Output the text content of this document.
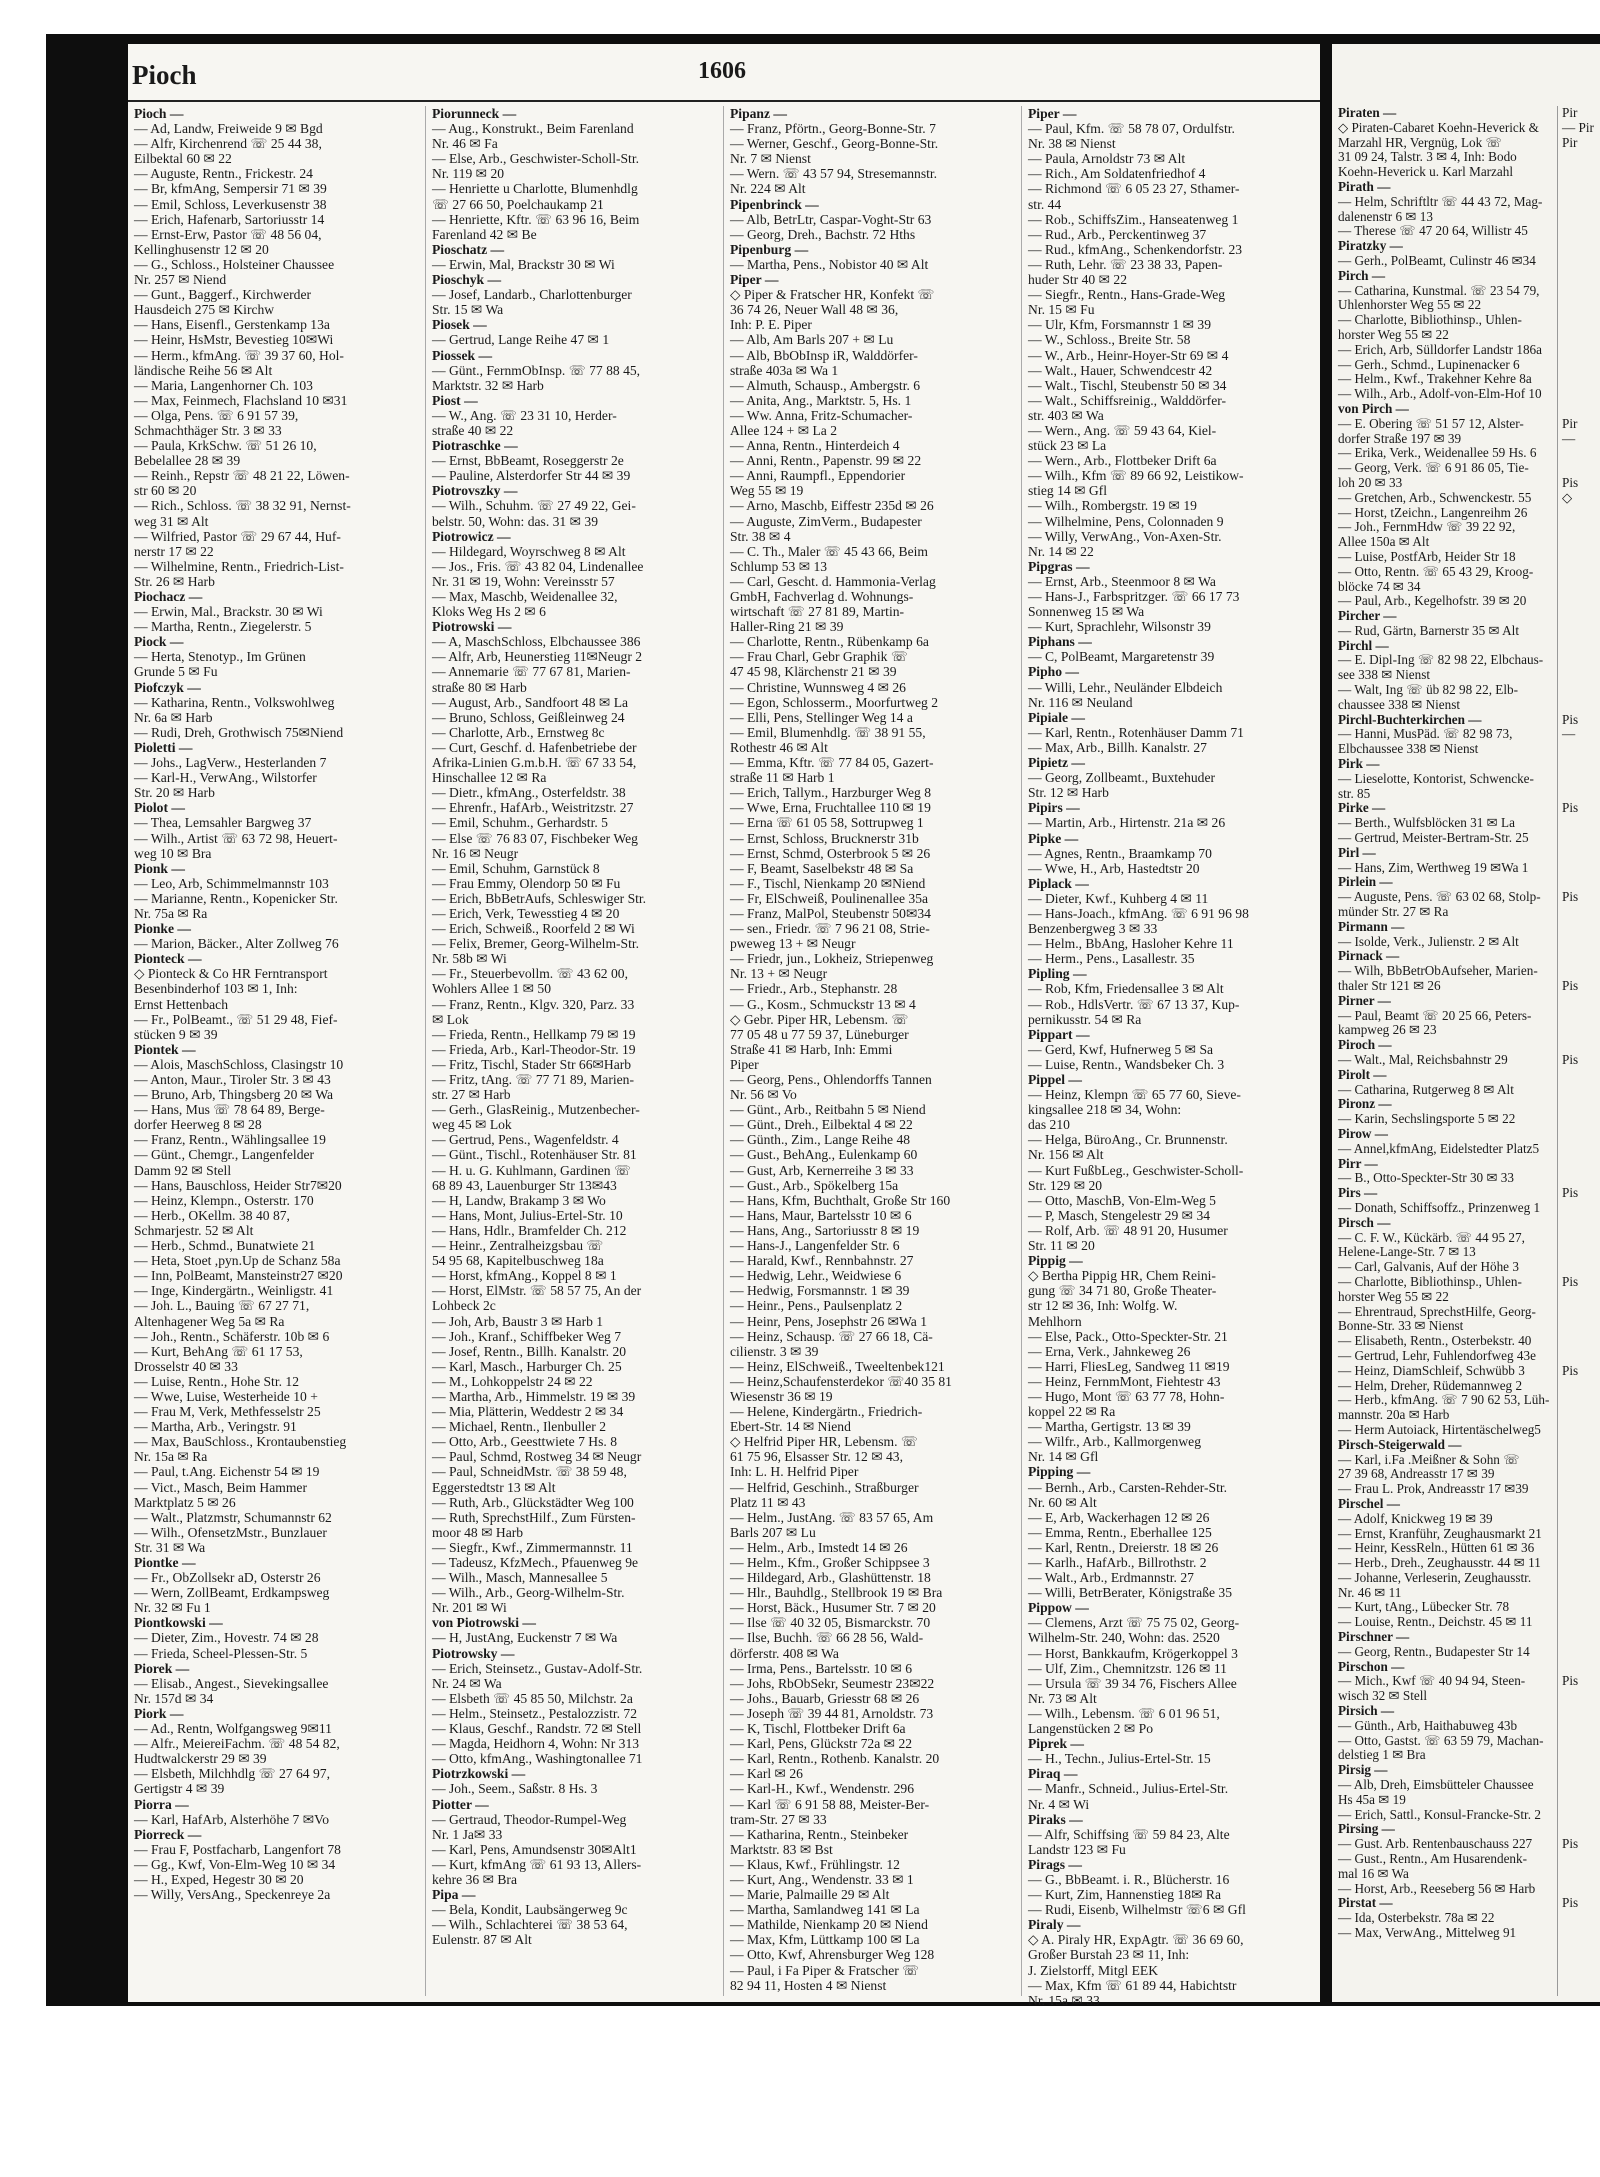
Pioch	1606
Pioch —
— Ad, Landw, Freiweide 9 ✉ Bgd
— Alfr, Kirchenrend ☏ 25 44 38,
Eilbektal 60 ✉ 22
— Auguste, Rentn., Frickestr. 24
— Br, kfmAng, Sempersir 71 ✉ 39
— Emil, Schloss, Leverkusenstr 38
— Erich, Hafenarb, Sartoriusstr 14
— Ernst-Erw, Pastor ☏ 48 56 04,
Kellinghusenstr 12 ✉ 20
— G., Schloss., Holsteiner Chaussee
Nr. 257 ✉ Niend
— Gunt., Baggerf., Kirchwerder
Hausdeich 275 ✉ Kirchw
— Hans, Eisenfl., Gerstenkamp 13a
— Heinr, HsMstr, Bevestieg 10✉Wi
— Herm., kfmAng. ☏ 39 37 60, Hol-
ländische Reihe 56 ✉ Alt
— Maria, Langenhorner Ch. 103
— Max, Feinmech, Flachsland 10 ✉31
— Olga, Pens. ☏ 6 91 57 39,
Schmachthäger Str. 3 ✉ 33
— Paula, KrkSchw. ☏ 51 26 10,
Bebelallee 28 ✉ 39
— Reinh., Repstr ☏ 48 21 22, Löwen-
str 60 ✉ 20
— Rich., Schloss. ☏ 38 32 91, Nernst-
weg 31 ✉ Alt
— Wilfried, Pastor ☏ 29 67 44, Huf-
nerstr 17 ✉ 22
— Wilhelmine, Rentn., Friedrich-List-
Str. 26 ✉ Harb
Piochacz —
— Erwin, Mal., Brackstr. 30 ✉ Wi
— Martha, Rentn., Ziegelerstr. 5
Piock —
— Herta, Stenotyp., Im Grünen
Grunde 5 ✉ Fu
Piofczyk —
— Katharina, Rentn., Volkswohlweg
Nr. 6a ✉ Harb
— Rudi, Dreh, Grothwisch 75✉Niend
Pioletti —
— Johs., LagVerw., Hesterlanden 7
— Karl-H., VerwAng., Wilstorfer
Str. 20 ✉ Harb
Piolot —
— Thea, Lemsahler Bargweg 37
— Wilh., Artist ☏ 63 72 98, Heuert-
weg 10 ✉ Bra
Pionk —
— Leo, Arb, Schimmelmannstr 103
— Marianne, Rentn., Kopenicker Str.
Nr. 75a ✉ Ra
Pionke —
— Marion, Bäcker., Alter Zollweg 76
Pionteck —
◇ Pionteck & Co HR Ferntransport
Besenbinderhof 103 ✉ 1, Inh:
Ernst Hettenbach
— Fr., PolBeamt., ☏ 51 29 48, Fief-
stücken 9 ✉ 39
Piontek —
— Alois, MaschSchloss, Clasingstr 10
— Anton, Maur., Tiroler Str. 3 ✉ 43
— Bruno, Arb, Thingsberg 20 ✉ Wa
— Hans, Mus ☏ 78 64 89, Berge-
dorfer Heerweg 8 ✉ 28
— Franz, Rentn., Wählingsallee 19
— Günt., Chemgr., Langenfelder
Damm 92 ✉ Stell
— Hans, Bauschloss, Heider Str7✉20
— Heinz, Klempn., Osterstr. 170
— Herb., OKellm. 38 40 87,
Schmarjestr. 52 ✉ Alt
— Herb., Schmd., Bunatwiete 21
— Heta, Stoet ,pyn.Up de Schanz 58a
— Inn, PolBeamt, Mansteinstr27 ✉20
— Inge, Kindergärtn., Weinligstr. 41
— Joh. L., Bauing ☏ 67 27 71,
Altenhagener Weg 5a ✉ Ra
— Joh., Rentn., Schäferstr. 10b ✉ 6
— Kurt, BehAng ☏ 61 17 53,
Drosselstr 40 ✉ 33
— Luise, Rentn., Hohe Str. 12
— Wwe, Luise, Westerheide 10 +
— Frau M, Verk, Methfesselstr 25
— Martha, Arb., Veringstr. 91
— Max, BauSchloss., Krontaubenstieg
Nr. 15a ✉ Ra
— Paul, t.Ang. Eichenstr 54 ✉ 19
— Vict., Masch, Beim Hammer
Marktplatz 5 ✉ 26
— Walt., Platzmstr, Schumannstr 62
— Wilh., OfensetzMstr., Bunzlauer
Str. 31 ✉ Wa
Piontke —
— Fr., ObZollsekr aD, Osterstr 26
— Wern, ZollBeamt, Erdkampsweg
Nr. 32 ✉ Fu 1
Piontkowski —
— Dieter, Zim., Hovestr. 74 ✉ 28
— Frieda, Scheel-Plessen-Str. 5
Piorek —
— Elisab., Angest., Sievekingsallee
Nr. 157d ✉ 34
Piork —
— Ad., Rentn, Wolfgangsweg 9✉11
— Alfr., MeiereiFachm. ☏ 48 54 82,
Hudtwalckerstr 29 ✉ 39
— Elsbeth, Milchhdlg ☏ 27 64 97,
Gertigstr 4 ✉ 39
Piorra —
— Karl, HafArb, Alsterhöhe 7 ✉Vo
Piorreck —
— Frau F, Postfacharb, Langenfort 78
— Gg., Kwf, Von-Elm-Weg 10 ✉ 34
— H., Exped, Hegestr 30 ✉ 20
— Willy, VersAng., Speckenreye 2a
Piorunneck —
— Aug., Konstrukt., Beim Farenland
Nr. 46 ✉ Fa
— Else, Arb., Geschwister-Scholl-Str.
Nr. 119 ✉ 20
— Henriette u Charlotte, Blumenhdlg
☏ 27 66 50, Poelchaukamp 21
— Henriette, Kftr. ☏ 63 96 16, Beim
Farenland 42 ✉ Be
Pioschatz —
— Erwin, Mal, Brackstr 30 ✉ Wi
Pioschyk —
— Josef, Landarb., Charlottenburger
Str. 15 ✉ Wa
Piosek —
— Gertrud, Lange Reihe 47 ✉ 1
Piossek —
— Günt., FernmObInsp. ☏ 77 88 45,
Marktstr. 32 ✉ Harb
Piost —
— W., Ang. ☏ 23 31 10, Herder-
straße 40 ✉ 22
Piotraschke —
— Ernst, BbBeamt, Roseggerstr 2e
— Pauline, Alsterdorfer Str 44 ✉ 39
Piotrovszky —
— Wilh., Schuhm. ☏ 27 49 22, Gei-
belstr. 50, Wohn: das. 31 ✉ 39
Piotrowicz —
— Hildegard, Woyrschweg 8 ✉ Alt
— Jos., Fris. ☏ 43 82 04, Lindenallee
Nr. 31 ✉ 19, Wohn: Vereinsstr 57
— Max, Maschb, Weidenallee 32,
Kloks Weg Hs 2 ✉ 6
Piotrowski —
— A, MaschSchloss, Elbchaussee 386
— Alfr, Arb, Heunerstieg 11✉Neugr 2
— Annemarie ☏ 77 67 81, Marien-
straße 80 ✉ Harb
— August, Arb., Sandfoort 48 ✉ La
— Bruno, Schloss, Geißleinweg 24
— Charlotte, Arb., Ernstweg 8c
— Curt, Geschf. d. Hafenbetriebe der
Afrika-Linien G.m.b.H. ☏ 67 33 54,
Hinschallee 12 ✉ Ra
— Dietr., kfmAng., Osterfeldstr. 38
— Ehrenfr., HafArb., Weistritzstr. 27
— Emil, Schuhm., Gerhardstr. 5
— Else ☏ 76 83 07, Fischbeker Weg
Nr. 16 ✉ Neugr
— Emil, Schuhm, Garnstück 8
— Frau Emmy, Olendorp 50 ✉ Fu
— Erich, BbBetrAufs, Schleswiger Str.
— Erich, Verk, Tewesstieg 4 ✉ 20
— Erich, Schweiß., Roorfeld 2 ✉ Wi
— Felix, Bremer, Georg-Wilhelm-Str.
Nr. 58b ✉ Wi
— Fr., Steuerbevollm. ☏ 43 62 00,
Wohlers Allee 1 ✉ 50
— Franz, Rentn., Klgv. 320, Parz. 33
✉ Lok
— Frieda, Rentn., Hellkamp 79 ✉ 19
— Frieda, Arb., Karl-Theodor-Str. 19
— Fritz, Tischl, Stader Str 66✉Harb
— Fritz, tAng. ☏ 77 71 89, Marien-
str. 27 ✉ Harb
— Gerh., GlasReinig., Mutzenbecher-
weg 45 ✉ Lok
— Gertrud, Pens., Wagenfeldstr. 4
— Günt., Tischl., Rotenhäuser Str. 81
— H. u. G. Kuhlmann, Gardinen ☏
68 89 43, Lauenburger Str 13✉43
— H, Landw, Brakamp 3 ✉ Wo
— Hans, Mont, Julius-Ertel-Str. 10
— Hans, Hdlr., Bramfelder Ch. 212
— Heinr., Zentralheizgsbau ☏
54 95 68, Kapitelbuschweg 18a
— Horst, kfmAng., Koppel 8 ✉ 1
— Horst, ElMstr. ☏ 58 57 75, An der
Lohbeck 2c
— Joh, Arb, Baustr 3 ✉ Harb 1
— Joh., Kranf., Schiffbeker Weg 7
— Josef, Rentn., Billh. Kanalstr. 20
— Karl, Masch., Harburger Ch. 25
— M., Lohkoppelstr 24 ✉ 22
— Martha, Arb., Himmelstr. 19 ✉ 39
— Mia, Plätterin, Weddestr 2 ✉ 34
— Michael, Rentn., Ilenbuller 2
— Otto, Arb., Geesttwiete 7 Hs. 8
— Paul, Schmd, Rostweg 34 ✉ Neugr
— Paul, SchneidMstr. ☏ 38 59 48,
Eggerstedtstr 13 ✉ Alt
— Ruth, Arb., Glückstädter Weg 100
— Ruth, SprechstHilf., Zum Fürsten-
moor 48 ✉ Harb
— Siegfr., Kwf., Zimmermannstr. 11
— Tadeusz, KfzMech., Pfauenweg 9e
— Wilh., Masch, Mannesallee 5
— Wilh., Arb., Georg-Wilhelm-Str.
Nr. 201 ✉ Wi
von Piotrowski —
— H, JustAng, Euckenstr 7 ✉ Wa
Piotrowsky —
— Erich, Steinsetz., Gustav-Adolf-Str.
Nr. 24 ✉ Wa
— Elsbeth ☏ 45 85 50, Milchstr. 2a
— Helm., Steinsetz., Pestalozzistr. 72
— Klaus, Geschf., Randstr. 72 ✉ Stell
— Magda, Heidhorn 4, Wohn: Nr 313
— Otto, kfmAng., Washingtonallee 71
Piotrzkowski —
— Joh., Seem., Saßstr. 8 Hs. 3
Piotter —
— Gertraud, Theodor-Rumpel-Weg
Nr. 1 Ja✉ 33
— Karl, Pens, Amundsenstr 30✉Alt1
— Kurt, kfmAng ☏ 61 93 13, Allers-
kehre 36 ✉ Bra
Pipa —
— Bela, Kondit, Laubsängerweg 9c
— Wilh., Schlachterei ☏ 38 53 64,
Eulenstr. 87 ✉ Alt
Pipanz —
— Franz, Pförtn., Georg-Bonne-Str. 7
— Werner, Geschf., Georg-Bonne-Str.
Nr. 7 ✉ Nienst
— Wern. ☏ 43 57 94, Stresemannstr.
Nr. 224 ✉ Alt
Pipenbrinck —
— Alb, BetrLtr, Caspar-Voght-Str 63
— Georg, Dreh., Bachstr. 72 Hths
Pipenburg —
— Martha, Pens., Nobistor 40 ✉ Alt
Piper —
◇ Piper & Fratscher HR, Konfekt ☏
36 74 26, Neuer Wall 48 ✉ 36,
Inh: P. E. Piper
— Alb, Am Barls 207 + ✉ Lu
— Alb, BbObInsp iR, Walddörfer-
straße 403a ✉ Wa 1
— Almuth, Schausp., Ambergstr. 6
— Anita, Ang., Marktstr. 5, Hs. 1
— Ww. Anna, Fritz-Schumacher-
Allee 124 + ✉ La 2
— Anna, Rentn., Hinterdeich 4
— Anni, Rentn., Papenstr. 99 ✉ 22
— Anni, Raumpfl., Eppendorier
Weg 55 ✉ 19
— Arno, Maschb, Eiffestr 235d ✉ 26
— Auguste, ZimVerm., Budapester
Str. 38 ✉ 4
— C. Th., Maler ☏ 45 43 66, Beim
Schlump 53 ✉ 13
— Carl, Gescht. d. Hammonia-Verlag
GmbH, Fachverlag d. Wohnungs-
wirtschaft ☏ 27 81 89, Martin-
Haller-Ring 21 ✉ 39
— Charlotte, Rentn., Rübenkamp 6a
— Frau Charl, Gebr Graphik ☏
47 45 98, Klärchenstr 21 ✉ 39
— Christine, Wunnsweg 4 ✉ 26
— Egon, Schlosserm., Moorfurtweg 2
— Elli, Pens, Stellinger Weg 14 a
— Emil, Blumenhdlg. ☏ 38 91 55,
Rothestr 46 ✉ Alt
— Emma, Kftr. ☏ 77 84 05, Gazert-
straße 11 ✉ Harb 1
— Erich, Tallym., Harzburger Weg 8
— Wwe, Erna, Fruchtallee 110 ✉ 19
— Erna ☏ 61 05 58, Sottrupweg 1
— Ernst, Schloss, Brucknerstr 31b
— Ernst, Schmd, Osterbrook 5 ✉ 26
— F, Beamt, Saselbekstr 48 ✉ Sa
— F., Tischl, Nienkamp 20 ✉Niend
— Fr, ElSchweiß, Poulinenallee 35a
— Franz, MalPol, Steubenstr 50✉34
— sen., Friedr. ☏ 7 96 21 08, Strie-
pweweg 13 + ✉ Neugr
— Friedr, jun., Lokheiz, Striepenweg
Nr. 13 + ✉ Neugr
— Friedr., Arb., Stephanstr. 28
— G., Kosm., Schmuckstr 13 ✉ 4
◇ Gebr. Piper HR, Lebensm. ☏
77 05 48 u 77 59 37, Lüneburger
Straße 41 ✉ Harb, Inh: Emmi
Piper
— Georg, Pens., Ohlendorffs Tannen
Nr. 56 ✉ Vo
— Günt., Arb., Reitbahn 5 ✉ Niend
— Günt., Dreh., Eilbektal 4 ✉ 22
— Günth., Zim., Lange Reihe 48
— Gust., BehAng., Eulenkamp 60
— Gust, Arb, Kernerreihe 3 ✉ 33
— Gust., Arb., Spökelberg 15a
— Hans, Kfm, Buchthalt, Große Str 160
— Hans, Maur, Bartelsstr 10 ✉ 6
— Hans, Ang., Sartoriusstr 8 ✉ 19
— Hans-J., Langenfelder Str. 6
— Harald, Kwf., Rennbahnstr. 27
— Hedwig, Lehr., Weidwiese 6
— Hedwig, Forsmannstr. 1 ✉ 39
— Heinr., Pens., Paulsenplatz 2
— Heinr, Pens, Josephstr 26 ✉Wa 1
— Heinz, Schausp. ☏ 27 66 18, Cä-
cilienstr. 3 ✉ 39
— Heinz, ElSchweiß., Tweeltenbek121
— Heinz,Schaufensterdekor ☏40 35 81
Wiesenstr 36 ✉ 19
— Helene, Kindergärtn., Friedrich-
Ebert-Str. 14 ✉ Niend
◇ Helfrid Piper HR, Lebensm. ☏
61 75 96, Elsasser Str. 12 ✉ 43,
Inh: L. H. Helfrid Piper
— Helfrid, Geschinh., Straßburger
Platz 11 ✉ 43
— Helm., JustAng. ☏ 83 57 65, Am
Barls 207 ✉ Lu
— Helm., Arb., Imstedt 14 ✉ 26
— Helm., Kfm., Großer Schippsee 3
— Hildegard, Arb., Glashüttenstr. 18
— Hlr., Bauhdlg., Stellbrook 19 ✉ Bra
— Horst, Bäck., Husumer Str. 7 ✉ 20
— Ilse ☏ 40 32 05, Bismarckstr. 70
— Ilse, Buchh. ☏ 66 28 56, Wald-
dörferstr. 408 ✉ Wa
— Irma, Pens., Bartelsstr. 10 ✉ 6
— Johs, RbObSekr, Seumestr 23✉22
— Johs., Bauarb, Griesstr 68 ✉ 26
— Joseph ☏ 39 44 81, Arnoldstr. 73
— K, Tischl, Flottbeker Drift 6a
— Karl, Pens, Glückstr 72a ✉ 22
— Karl, Rentn., Rothenb. Kanalstr. 20
— Karl ✉ 26
— Karl-H., Kwf., Wendenstr. 296
— Karl ☏ 6 91 58 88, Meister-Ber-
tram-Str. 27 ✉ 33
— Katharina, Rentn., Steinbeker
Marktstr. 83 ✉ Bst
— Klaus, Kwf., Frühlingstr. 12
— Kurt, Ang., Wendenstr. 33 ✉ 1
— Marie, Palmaille 29 ✉ Alt
— Martha, Samlandweg 141 ✉ La
— Mathilde, Nienkamp 20 ✉ Niend
— Max, Kfm, Lüttkamp 100 ✉ La
— Otto, Kwf, Ahrensburger Weg 128
— Paul, i Fa Piper & Fratscher ☏
82 94 11, Hosten 4 ✉ Nienst
Piper —
— Paul, Kfm. ☏ 58 78 07, Ordulfstr.
Nr. 38 ✉ Nienst
— Paula, Arnoldstr 73 ✉ Alt
— Rich., Am Soldatenfriedhof 4
— Richmond ☏ 6 05 23 27, Sthamer-
str. 44
— Rob., SchiffsZim., Hanseatenweg 1
— Rud., Arb., Perckentinweg 37
— Rud., kfmAng., Schenkendorfstr. 23
— Ruth, Lehr. ☏ 23 38 33, Papen-
huder Str 40 ✉ 22
— Siegfr., Rentn., Hans-Grade-Weg
Nr. 15 ✉ Fu
— Ulr, Kfm, Forsmannstr 1 ✉ 39
— W., Schloss., Breite Str. 58
— W., Arb., Heinr-Hoyer-Str 69 ✉ 4
— Walt., Hauer, Schwendcestr 42
— Walt., Tischl, Steubenstr 50 ✉ 34
— Walt., Schiffsreinig., Walddörfer-
str. 403 ✉ Wa
— Wern., Ang. ☏ 59 43 64, Kiel-
stück 23 ✉ La
— Wern., Arb., Flottbeker Drift 6a
— Wilh., Kfm ☏ 89 66 92, Leistikow-
stieg 14 ✉ Gfl
— Wilh., Rombergstr. 19 ✉ 19
— Wilhelmine, Pens, Colonnaden 9
— Willy, VerwAng., Von-Axen-Str.
Nr. 14 ✉ 22
Pipgras —
— Ernst, Arb., Steenmoor 8 ✉ Wa
— Hans-J., Farbspritzger. ☏ 66 17 73
Sonnenweg 15 ✉ Wa
— Kurt, Sprachlehr, Wilsonstr 39
Piphans —
— C, PolBeamt, Margaretenstr 39
Pipho —
— Willi, Lehr., Neuländer Elbdeich
Nr. 116 ✉ Neuland
Pipiale —
— Karl, Rentn., Rotenhäuser Damm 71
— Max, Arb., Billh. Kanalstr. 27
Pipietz —
— Georg, Zollbeamt., Buxtehuder
Str. 12 ✉ Harb
Pipirs —
— Martin, Arb., Hirtenstr. 21a ✉ 26
Pipke —
— Agnes, Rentn., Braamkamp 70
— Wwe, H., Arb, Hastedtstr 20
Piplack —
— Dieter, Kwf., Kuhberg 4 ✉ 11
— Hans-Joach., kfmAng. ☏ 6 91 96 98
Benzenbergweg 3 ✉ 33
— Helm., BbAng, Hasloher Kehre 11
— Herm., Pens., Lasallestr. 35
Pipling —
— Rob, Kfm, Friedensallee 3 ✉ Alt
— Rob., HdlsVertr. ☏ 67 13 37, Kup-
pernikusstr. 54 ✉ Ra
Pippart —
— Gerd, Kwf, Hufnerweg 5 ✉ Sa
— Luise, Rentn., Wandsbeker Ch. 3
Pippel —
— Heinz, Klempn ☏ 65 77 60, Sieve-
kingsallee 218 ✉ 34, Wohn:
das 210
— Helga, BüroAng., Cr. Brunnenstr.
Nr. 156 ✉ Alt
— Kurt FußbLeg., Geschwister-Scholl-
Str. 129 ✉ 20
— Otto, MaschB, Von-Elm-Weg 5
— P, Masch, Stengelestr 29 ✉ 34
— Rolf, Arb. ☏ 48 91 20, Husumer
Str. 11 ✉ 20
Pippig —
◇ Bertha Pippig HR, Chem Reini-
gung ☏ 34 71 80, Große Theater-
str 12 ✉ 36, Inh: Wolfg. W.
Mehlhorn
— Else, Pack., Otto-Speckter-Str. 21
— Erna, Verk., Jahnkeweg 26
— Harri, FliesLeg, Sandweg 11 ✉19
— Heinz, FernmMont, Fiehtestr 43
— Hugo, Mont ☏ 63 77 78, Hohn-
koppel 22 ✉ Ra
— Martha, Gertigstr. 13 ✉ 39
— Wilfr., Arb., Kallmorgenweg
Nr. 14 ✉ Gfl
Pipping —
— Bernh., Arb., Carsten-Rehder-Str.
Nr. 60 ✉ Alt
— E, Arb, Wackerhagen 12 ✉ 26
— Emma, Rentn., Eberhallee 125
— Karl, Rentn., Dreierstr. 18 ✉ 26
— Karlh., HafArb., Billrothstr. 2
— Walt., Arb., Erdmannstr. 27
— Willi, BetrBerater, Königstraße 35
Pippow —
— Clemens, Arzt ☏ 75 75 02, Georg-
Wilhelm-Str. 240, Wohn: das. 2520
— Horst, Bankkaufm, Krögerkoppel 3
— Ulf, Zim., Chemnitzstr. 126 ✉ 11
— Ursula ☏ 39 34 76, Fischers Allee
Nr. 73 ✉ Alt
— Wilh., Lebensm. ☏ 6 01 96 51,
Langenstücken 2 ✉ Po
Piprek —
— H., Techn., Julius-Ertel-Str. 15
Piraq —
— Manfr., Schneid., Julius-Ertel-Str.
Nr. 4 ✉ Wi
Piraks —
— Alfr, Schiffsing ☏ 59 84 23, Alte
Landstr 123 ✉ Fu
Pirags —
— G., BbBeamt. i. R., Blücherstr. 16
— Kurt, Zim, Hannenstieg 18✉ Ra
— Rudi, Eisenb, Wilhelmstr ☏6 ✉ Gfl
Piraly —
◇ A. Piraly HR, ExpAgtr. ☏ 36 69 60,
Großer Burstah 23 ✉ 11, Inh:
J. Zielstorff, Mitgl EEK
— Max, Kfm ☏ 61 89 44, Habichtstr
Nr. 15a ✉ 33
Piraten —
◇ Piraten-Cabaret Koehn-Heverick &
Marzahl HR, Vergnüg, Lok ☏
31 09 24, Talstr. 3 ✉ 4, Inh: Bodo
Koehn-Heverick u. Karl Marzahl
Pirath —
— Helm, Schriftltr ☏ 44 43 72, Mag-
dalenenstr 6 ✉ 13
— Therese ☏ 47 20 64, Willistr 45
Piratzky —
— Gerh., PolBeamt, Culinstr 46 ✉34
Pirch —
— Catharina, Kunstmal. ☏ 23 54 79,
Uhlenhorster Weg 55 ✉ 22
— Charlotte, Bibliothinsp., Uhlen-
horster Weg 55 ✉ 22
— Erich, Arb, Sülldorfer Landstr 186a
— Gerh., Schmd., Lupinenacker 6
— Helm., Kwf., Trakehner Kehre 8a
— Wilh., Arb., Adolf-von-Elm-Hof 10
von Pirch —
— E. Obering ☏ 51 57 12, Alster-
dorfer Straße 197 ✉ 39
— Erika, Verk., Weidenallee 59 Hs. 6
— Georg, Verk. ☏ 6 91 86 05, Tie-
loh 20 ✉ 33
— Gretchen, Arb., Schwenckestr. 55
— Horst, tZeichn., Langenreihm 26
— Joh., FernmHdw ☏ 39 22 92,
Allee 150a ✉ Alt
— Luise, PostfArb, Heider Str 18
— Otto, Rentn. ☏ 65 43 29, Kroog-
blöcke 74 ✉ 34
— Paul, Arb., Kegelhofstr. 39 ✉ 20
Pircher —
— Rud, Gärtn, Barnerstr 35 ✉ Alt
Pirchl —
— E. Dipl-Ing ☏ 82 98 22, Elbchaus-
see 338 ✉ Nienst
— Walt, Ing ☏ üb 82 98 22, Elb-
chaussee 338 ✉ Nienst
Pirchl-Buchterkirchen —
— Hanni, MusPäd. ☏ 82 98 73,
Elbchaussee 338 ✉ Nienst
Pirk —
— Lieselotte, Kontorist, Schwencke-
str. 85
Pirke —
— Berth., Wulfsblöcken 31 ✉ La
— Gertrud, Meister-Bertram-Str. 25
Pirl —
— Hans, Zim, Werthweg 19 ✉Wa 1
Pirlein —
— Auguste, Pens. ☏ 63 02 68, Stolp-
münder Str. 27 ✉ Ra
Pirmann —
— Isolde, Verk., Julienstr. 2 ✉ Alt
Pirnack —
— Wilh, BbBetrObAufseher, Marien-
thaler Str 121 ✉ 26
Pirner —
— Paul, Beamt ☏ 20 25 66, Peters-
kampweg 26 ✉ 23
Piroch —
— Walt., Mal, Reichsbahnstr 29
Pirolt —
— Catharina, Rutgerweg 8 ✉ Alt
Pironz —
— Karin, Sechslingsporte 5 ✉ 22
Pirow —
— Annel,kfmAng, Eidelstedter Platz5
Pirr —
— B., Otto-Speckter-Str 30 ✉ 33
Pirs —
— Donath, Schiffsoffz., Prinzenweg 1
Pirsch —
— C. F. W., Kückärb. ☏ 44 95 27,
Helene-Lange-Str. 7 ✉ 13
— Carl, Galvanis, Auf der Höhe 3
— Charlotte, Bibliothinsp., Uhlen-
horster Weg 55 ✉ 22
— Ehrentraud, SprechstHilfe, Georg-
Bonne-Str. 33 ✉ Nienst
— Elisabeth, Rentn., Osterbekstr. 40
— Gertrud, Lehr, Fuhlendorfweg 43e
— Heinz, DiamSchleif, Schwübb 3
— Helm, Dreher, Rüdemannweg 2
— Herb., kfmAng. ☏ 7 90 62 53, Lüh-
mannstr. 20a ✉ Harb
— Herm Autoiack, Hirtentäschelweg5
Pirsch-Steigerwald —
— Karl, i.Fa .Meißner & Sohn ☏
27 39 68, Andreasstr 17 ✉ 39
— Frau L. Prok, Andreasstr 17 ✉39
Pirschel —
— Adolf, Knickweg 19 ✉ 39
— Ernst, Kranführ, Zeughausmarkt 21
— Heinr, KessReln., Hütten 61 ✉ 36
— Herb., Dreh., Zeughausstr. 44 ✉ 11
— Johanne, Verleserin, Zeughausstr.
Nr. 46 ✉ 11
— Kurt, tAng., Lübecker Str. 78
— Louise, Rentn., Deichstr. 45 ✉ 11
Pirschner —
— Georg, Rentn., Budapester Str 14
Pirschon —
— Mich., Kwf ☏ 40 94 94, Steen-
wisch 32 ✉ Stell
Pirsich —
— Günth., Arb, Haithabuweg 43b
— Otto, Gastst. ☏ 63 59 79, Machan-
delstieg 1 ✉ Bra
Pirsig —
— Alb, Dreh, Eimsbütteler Chaussee
Hs 45a ✉ 19
— Erich, Sattl., Konsul-Francke-Str. 2
Pirsing —
— Gust. Arb. Rentenbauschauss 227
— Gust., Rentn., Am Husarendenk-
mal 16 ✉ Wa
— Horst, Arb., Reeseberg 56 ✉ Harb
Pirstat —
— Ida, Osterbekstr. 78a ✉ 22
— Max, VerwAng., Mittelweg 91
Pir
— Pir
Pir

Pir
—

Pis
◇

Pis
—

Pis

Pis

Pis

Pis

Pis

Pis

Pis

Pis

Pis

Pis
